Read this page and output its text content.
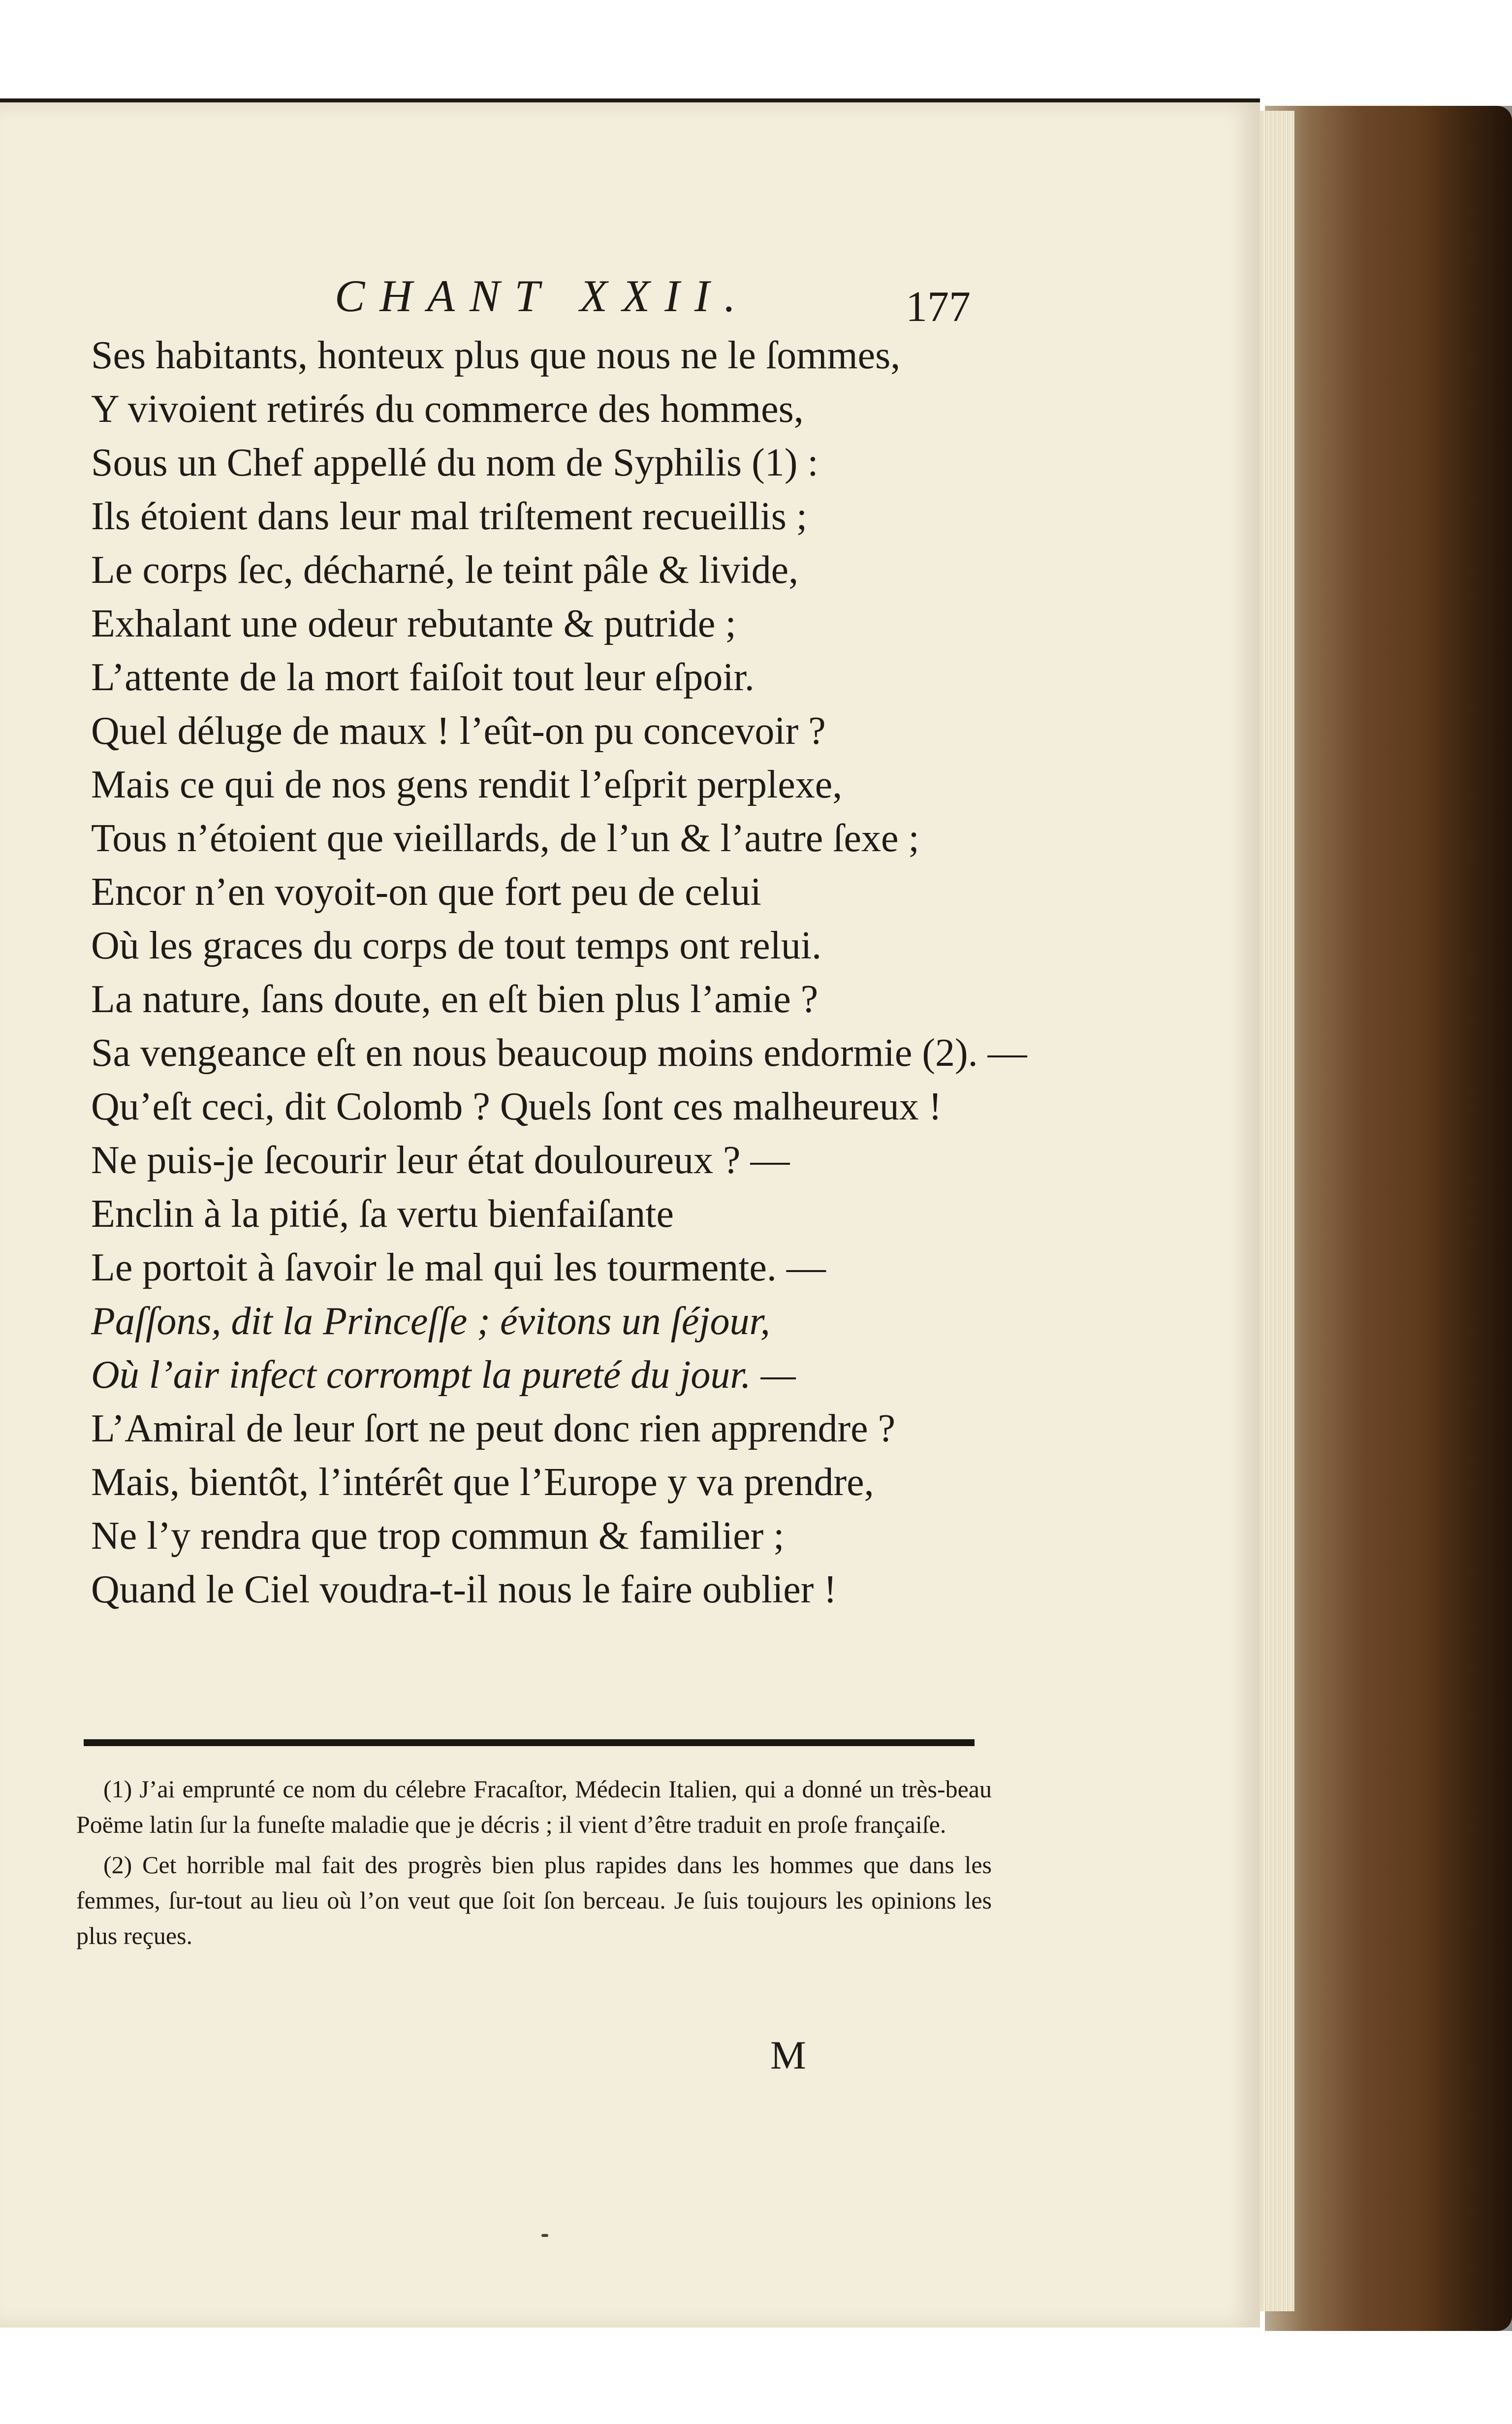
CHANT XXII.	177
Ses habitants, honteux plus que nous ne le ſommes,
Y vivoient retirés du commerce des hommes,
Sous un Chef appellé du nom de Syphilis (1) :
Ils étoient dans leur mal triſtement recueillis ;
Le corps ſec, décharné, le teint pâle & livide,
Exhalant une odeur rebutante & putride ;
L’attente de la mort faiſoit tout leur eſpoir.
Quel déluge de maux ! l’eût-on pu concevoir ?
Mais ce qui de nos gens rendit l’eſprit perplexe,
Tous n’étoient que vieillards, de l’un & l’autre ſexe ;
Encor n’en voyoit-on que fort peu de celui
Où les graces du corps de tout temps ont relui.
La nature, ſans doute, en eſt bien plus l’amie ?
Sa vengeance eſt en nous beaucoup moins endormie (2). —
Qu’eſt ceci, dit Colomb ? Quels ſont ces malheureux !
Ne puis-je ſecourir leur état douloureux ? —
Enclin à la pitié, ſa vertu bienfaiſante
Le portoit à ſavoir le mal qui les tourmente. —
Paſſons, dit la Princeſſe ; évitons un ſéjour,
Où l’air infect corrompt la pureté du jour. —
L’Amiral de leur ſort ne peut donc rien apprendre ?
Mais, bientôt, l’intérêt que l’Europe y va prendre,
Ne l’y rendra que trop commun & familier ;
Quand le Ciel voudra-t-il nous le faire oublier !
(1) J’ai emprunté ce nom du célebre Fracaſtor, Médecin Italien, qui a donné un très-beau Poëme latin ſur la funeſte maladie que je décris ; il vient d’être traduit en proſe françaiſe.
(2) Cet horrible mal fait des progrès bien plus rapides dans les hommes que dans les femmes, ſur-tout au lieu où l’on veut que ſoit ſon berceau. Je ſuis toujours les opinions les plus reçues.
M
